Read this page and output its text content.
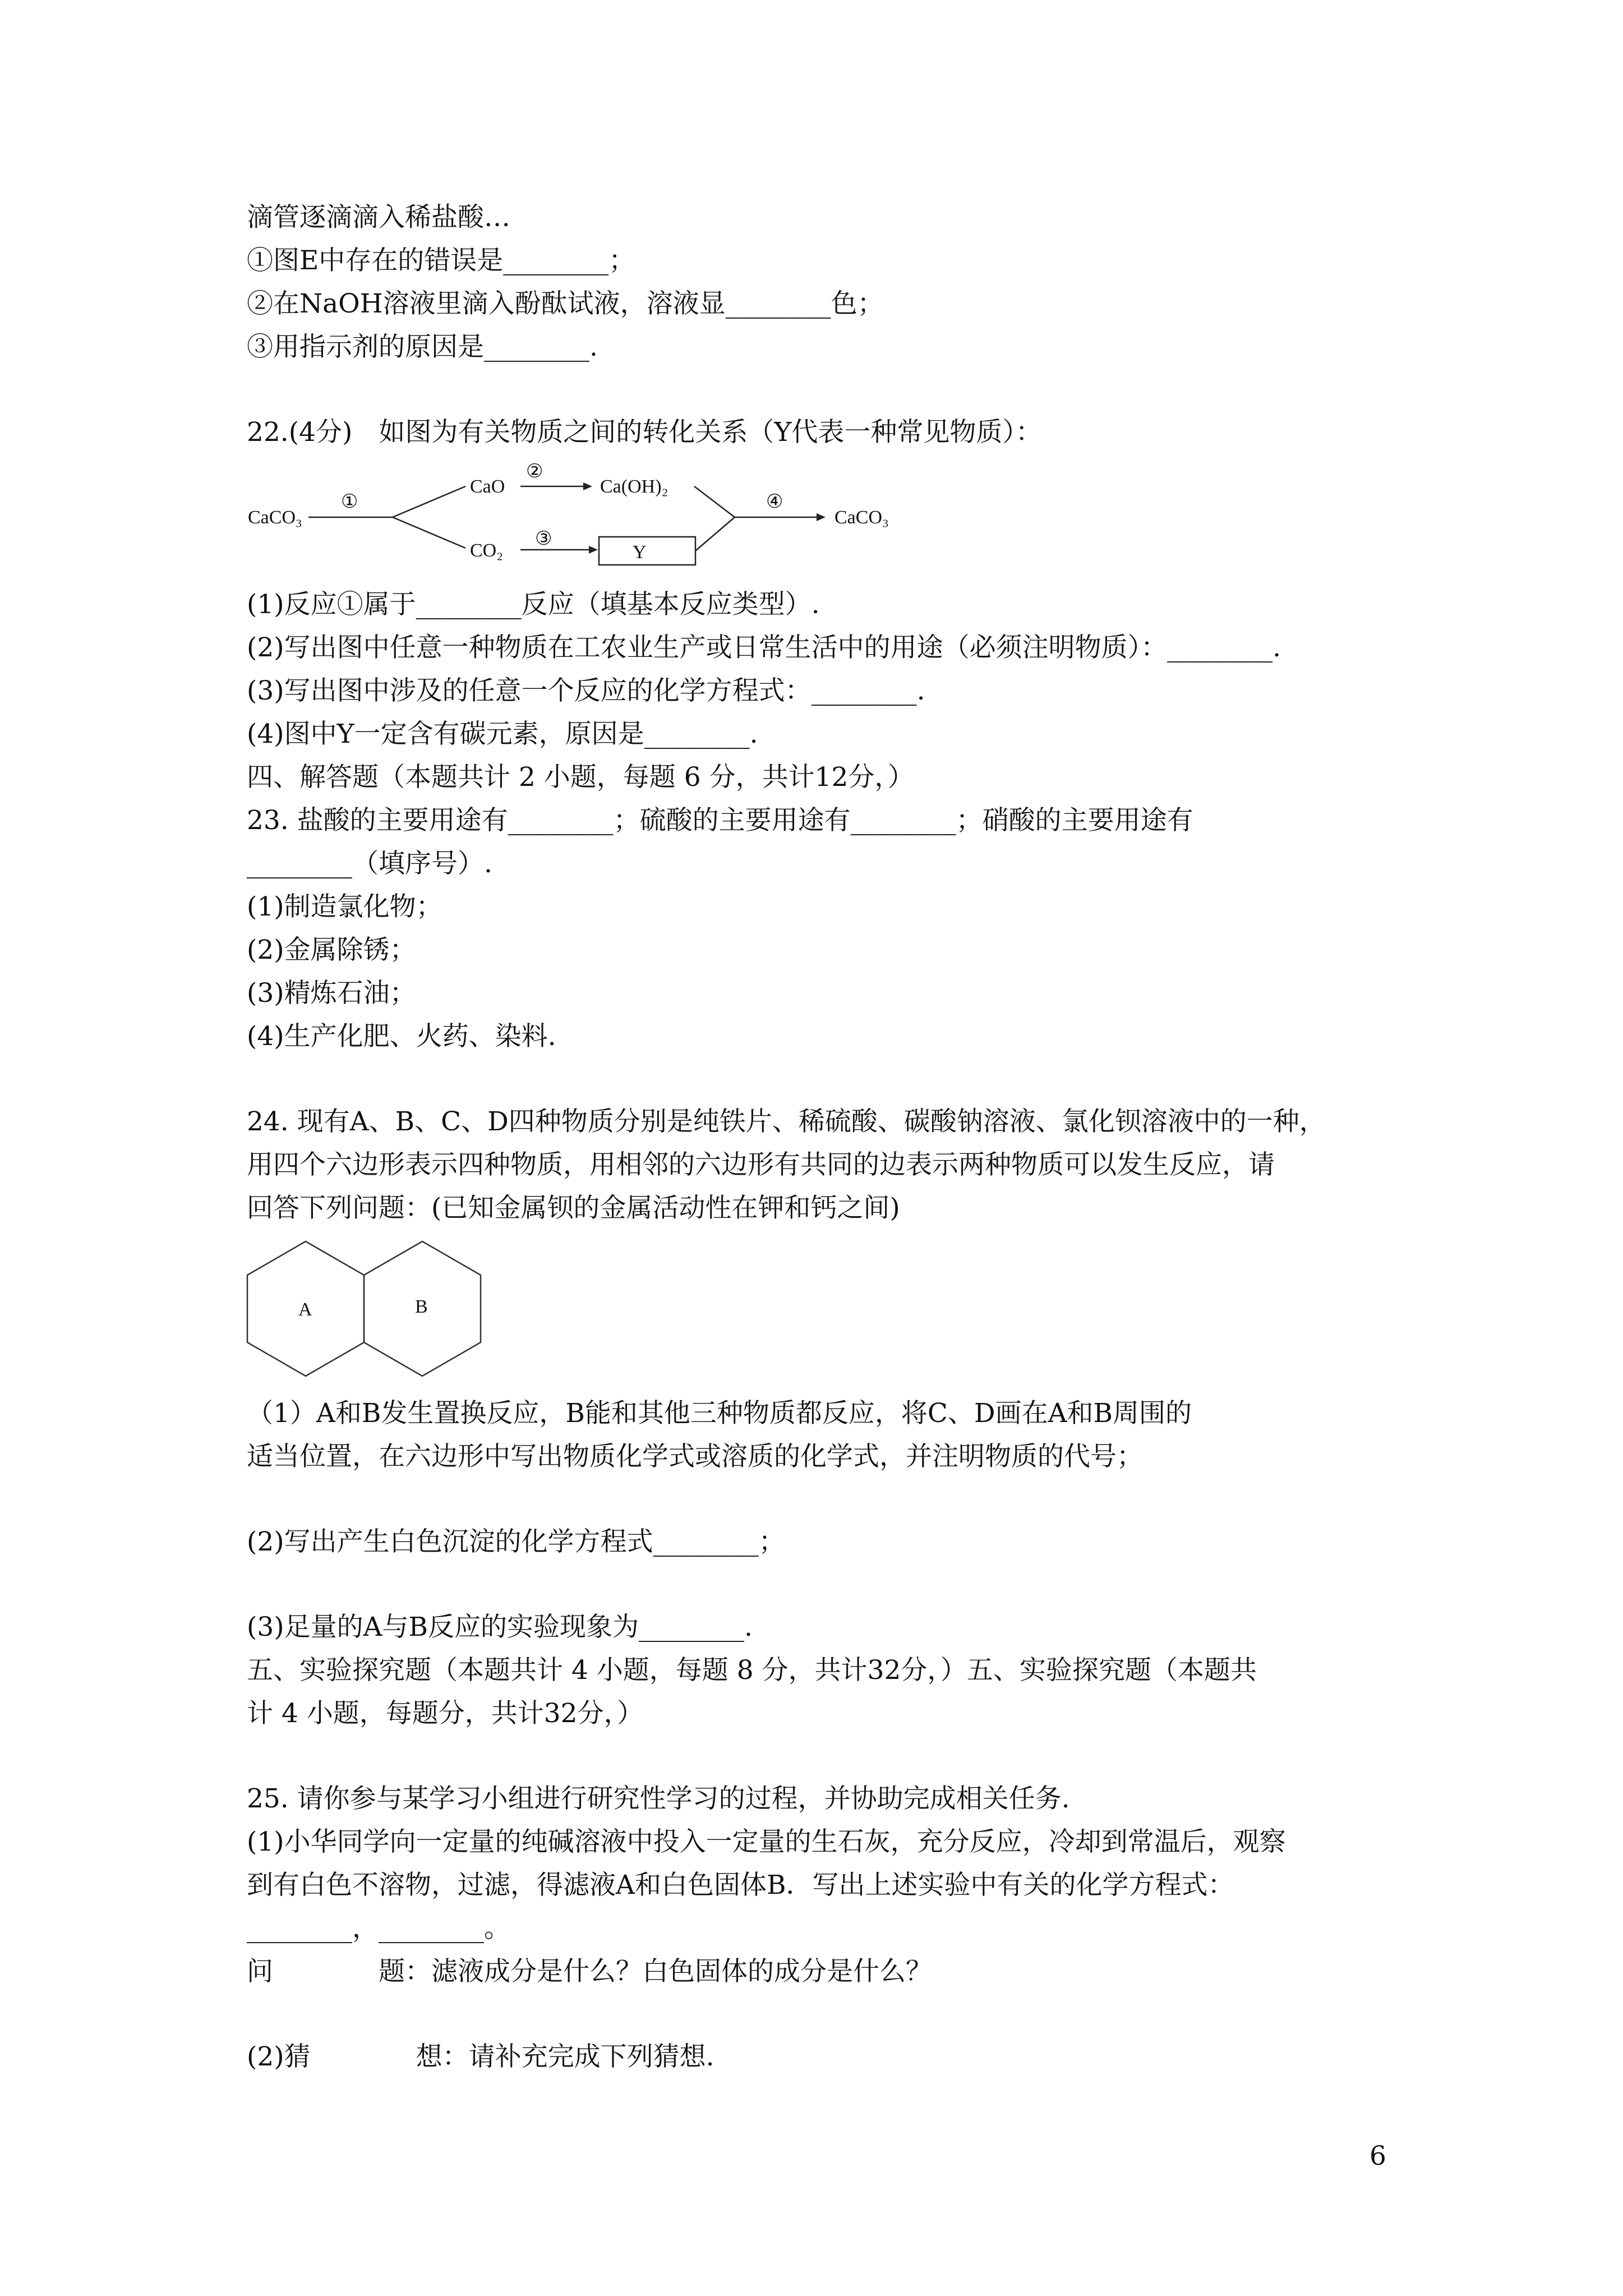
滴管逐滴滴入稀盐酸…
①图E中存在的错误是________；
②在NaOH溶液里滴入酚酞试液，溶液显________色；
③用指示剂的原因是________.
22.(4分)　如图为有关物质之间的转化关系（Y代表一种常见物质）：
CaCO₃
①
CaO
②
Ca(OH)₂
CO₂
③
Y
④
CaCO₃
(1)反应①属于________反应（填基本反应类型）.
(2)写出图中任意一种物质在工农业生产或日常生活中的用途（必须注明物质）：________.
(3)写出图中涉及的任意一个反应的化学方程式：________.
(4)图中Y一定含有碳元素，原因是________.
四、解答题（本题共计 2 小题，每题 6 分，共计12分，）
23. 盐酸的主要用途有________；硫酸的主要用途有________；硝酸的主要用途有
________（填序号）.
(1)制造氯化物；
(2)金属除锈；
(3)精炼石油；
(4)生产化肥、火药、染料.
24. 现有A、B、C、D四种物质分别是纯铁片、稀硫酸、碳酸钠溶液、氯化钡溶液中的一种，
用四个六边形表示四种物质，用相邻的六边形有共同的边表示两种物质可以发生反应，请
回答下列问题：(已知金属钡的金属活动性在钾和钙之间)
A	B
（1）A和B发生置换反应，B能和其他三种物质都反应，将C、D画在A和B周围的
适当位置，在六边形中写出物质化学式或溶质的化学式，并注明物质的代号；
(2)写出产生白色沉淀的化学方程式________；
(3)足量的A与B反应的实验现象为________.
五、实验探究题（本题共计 4 小题，每题 8 分，共计32分，）五、实验探究题（本题共
计 4 小题，每题分，共计32分，）
25. 请你参与某学习小组进行研究性学习的过程，并协助完成相关任务.
(1)小华同学向一定量的纯碱溶液中投入一定量的生石灰，充分反应，冷却到常温后，观察
到有白色不溶物，过滤，得滤液A和白色固体B．写出上述实验中有关的化学方程式：
________，________。
问　　　　题：滤液成分是什么？白色固体的成分是什么？
(2)猜　　　　想：请补充完成下列猜想.
6
